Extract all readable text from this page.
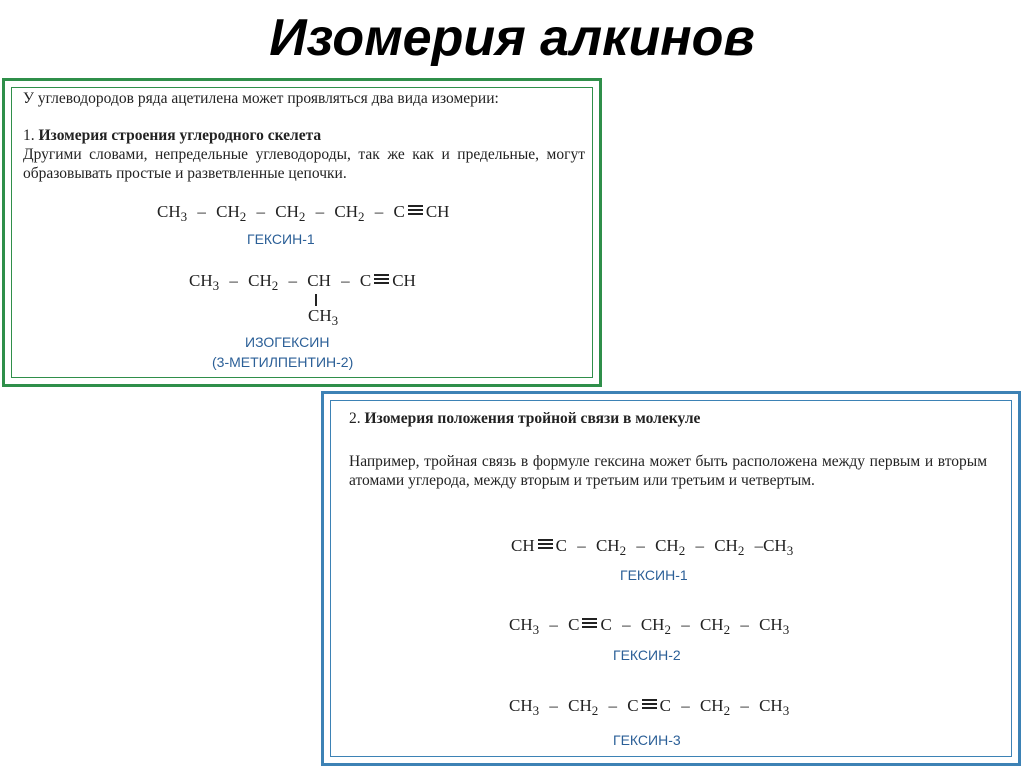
Изомерия алкинов
У углеводородов ряда ацетилена может проявляться два вида изомерии:
1. Изомерия строения углеродного скелета
Другими словами, непредельные углеводороды, так же как и предельные, могут образовывать простые и разветвленные цепочки.
$CH_3 - CH_2 - CH_2 - CH_2$ – C CH
ГЕКСИН-1
$CH_3 - CH_2$ – CH – C CH
$CH_3$
ИЗОГЕКСИН
(3-МЕТИЛПЕНТИН-2)
2. Изомерия положения тройной связи в молекуле
Например, тройная связь в формуле гексина может быть расположена между первым и вторым атомами углерода, между вторым и третьим или третьим и четвертым.
CH C – $CH_2 - CH_2 - CH_2$ $-CH_3$
ГЕКСИН-1
$CH_3$ – C C – $CH_2 - CH_2 - CH_3$
ГЕКСИН-2
$CH_3 - CH_2$ – C C – $CH_2 - CH_3$
ГЕКСИН-3
